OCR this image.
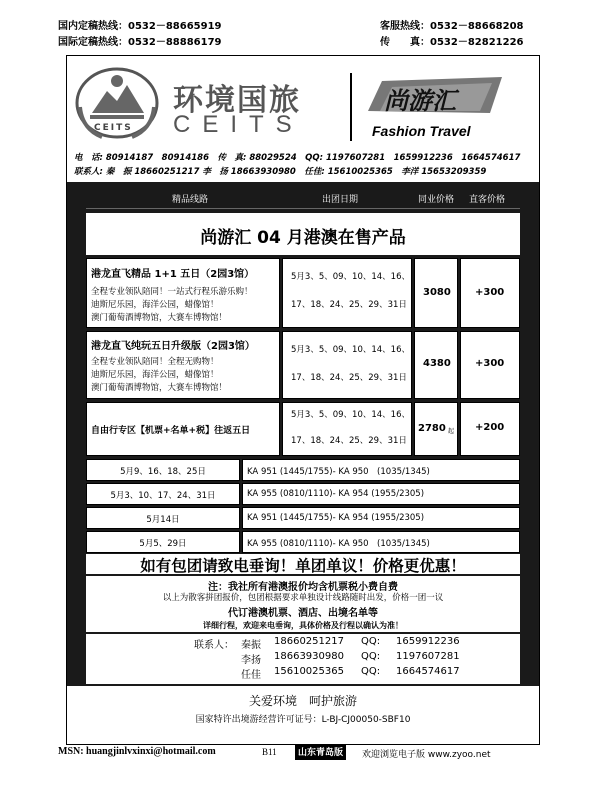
国内定稿热线：0532－88665919
国际定稿热线：0532－88886179
客服热线：0532－88668208
传　　真：0532－82821226
CEITS
环境国旅
CEITS
尚游汇
Fashion Travel
电　话: 80914187　80914186　传　真: 88029524　QQ: 1197607281　1659912236　1664574617
联系人: 秦　振 18660251217 李　扬 18663930980　任佳: 15610025365　李洋 15653209359
精品线路	出团日期	同业价格 直客价格
尚游汇 04 月港澳在售产品
港龙直飞精品 1+1 五日（2园3馆）
全程专业领队陪同！一站式行程乐游乐购！
迪斯尼乐园，海洋公园，蜡像馆！
澳门葡萄酒博物馆，大赛车博物馆！
5月3、5、09、10、14、16、
17、18、24、25、29、31日
3080 +300
港龙直飞纯玩五日升级版（2园3馆）
全程专业领队陪同！全程无购物！
迪斯尼乐园，海洋公园，蜡像馆！
澳门葡萄酒博物馆，大赛车博物馆！
5月3、5、09、10、14、16、
17、18、24、25、29、31日
4380 +300
自由行专区【机票+名单+税】往返五日
5月3、5、09、10、14、16、
17、18、24、25、29、31日
2780 起 +200
5月9、16、18、25日	KA 951 (1445/1755)- KA 950　(1035/1345)
5月3、10、17、24、31日	KA 955 (0810/1110)- KA 954 (1955/2305)
5月14日	KA 951 (1445/1755)- KA 954 (1955/2305)
5月5、29日	KA 955 (0810/1110)- KA 950　(1035/1345)
如有包团请致电垂询！单团单议！价格更优惠！
注：我社所有港澳报价均含机票税小费自费
以上为散客拼团报价，包团根据要求单独设计线路随时出发，价格一团一议
代订港澳机票、酒店、出境名单等
详细行程，欢迎来电垂询，具体价格及行程以确认为准！
联系人： 秦振 18660251217 QQ: 1659912236
李扬 18663930980 QQ: 1197607281
任佳 15610025365 QQ: 1664574617
关爱环境　呵护旅游
国家特许出境游经营许可证号：L-BJ-CJ00050-SBF10
MSN: huangjinlvxinxi@hotmail.com	B11	山东青岛版	欢迎浏览电子版 www.zyoo.net
